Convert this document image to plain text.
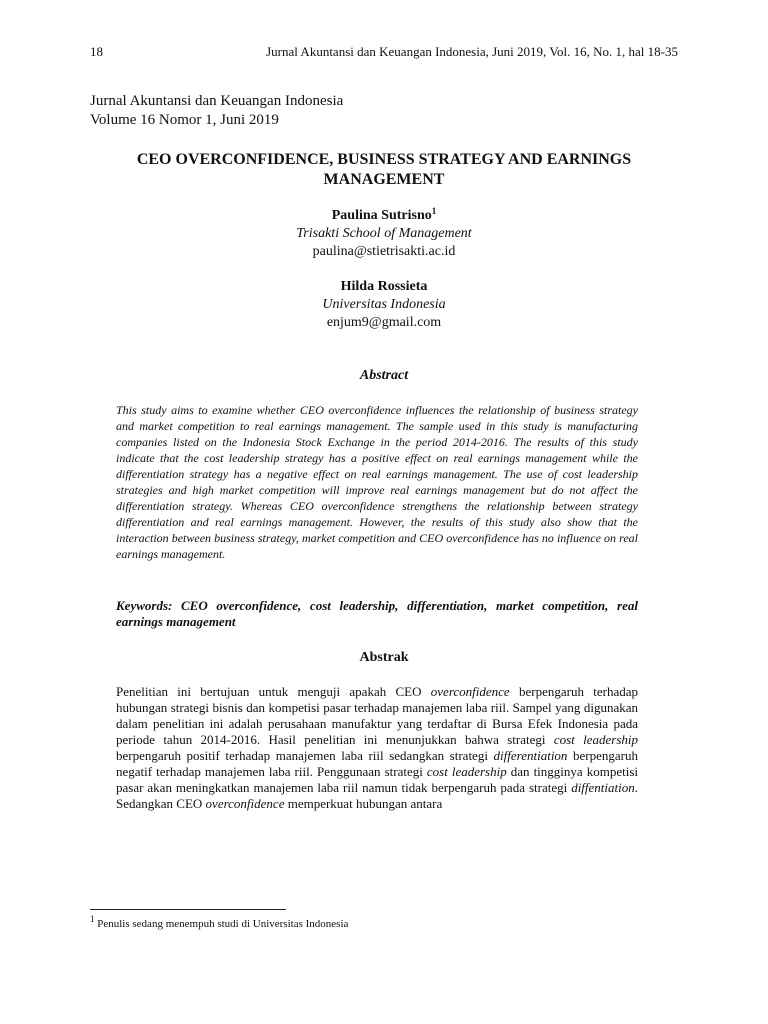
18	Jurnal Akuntansi dan Keuangan Indonesia, Juni 2019, Vol. 16, No. 1, hal 18-35
Jurnal Akuntansi dan Keuangan Indonesia
Volume 16 Nomor 1, Juni 2019
CEO OVERCONFIDENCE, BUSINESS STRATEGY AND EARNINGS MANAGEMENT
Paulina Sutrisno$^1$
Trisakti School of Management
paulina@stietrisakti.ac.id
Hilda Rossieta
Universitas Indonesia
enjum9@gmail.com
Abstract
This study aims to examine whether CEO overconfidence influences the relationship of business strategy and market competition to real earnings management. The sample used in this study is manufacturing companies listed on the Indonesia Stock Exchange in the period 2014-2016. The results of this study indicate that the cost leadership strategy has a positive effect on real earnings management while the differentiation strategy has a negative effect on real earnings management. The use of cost leadership strategies and high market competition will improve real earnings management but do not affect the differentiation strategy. Whereas CEO overconfidence strengthens the relationship between strategy differentiation and real earnings management. However, the results of this study also show that the interaction between business strategy, market competition and CEO overconfidence has no influence on real earnings management.
Keywords: CEO overconfidence, cost leadership, differentiation, market competition, real earnings management
Abstrak
Penelitian ini bertujuan untuk menguji apakah CEO overconfidence berpengaruh terhadap hubungan strategi bisnis dan kompetisi pasar terhadap manajemen laba riil. Sampel yang digunakan dalam penelitian ini adalah perusahaan manufaktur yang terdaftar di Bursa Efek Indonesia pada periode tahun 2014-2016. Hasil penelitian ini menunjukkan bahwa strategi cost leadership berpengaruh positif terhadap manajemen laba riil sedangkan strategi differentiation berpengaruh negatif terhadap manajemen laba riil. Penggunaan strategi cost leadership dan tingginya kompetisi pasar akan meningkatkan manajemen laba riil namun tidak berpengaruh pada strategi diffentiation. Sedangkan CEO overconfidence memperkuat hubungan antara
$^1$ Penulis sedang menempuh studi di Universitas Indonesia
